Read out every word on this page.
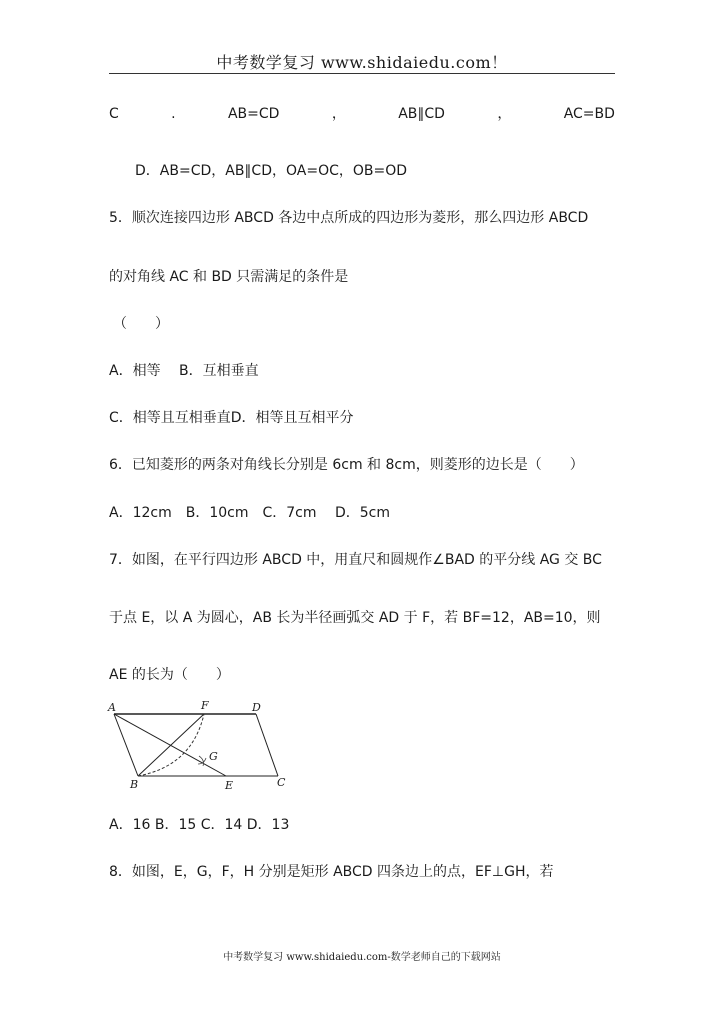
中考数学复习 www.shidaiedu.com！
C	.	AB=CD	，	AB∥CD	，	AC=BD
D．AB=CD，AB∥CD，OA=OC，OB=OD
5．顺次连接四边形 ABCD 各边中点所成的四边形为菱形，那么四边形 ABCD
的对角线 AC 和 BD 只需满足的条件是
（　　）
A．相等　 B．互相垂直
C．相等且互相垂直D．相等且互相平分
6．已知菱形的两条对角线长分别是 6cm 和 8cm，则菱形的边长是（　　）
A．12cm　B．10cm　C．7cm　 D．5cm
7．如图，在平行四边形 ABCD 中，用直尺和圆规作∠BAD 的平分线 AG 交 BC
于点 E，以 A 为圆心，AB 长为半径画弧交 AD 于 F，若 BF=12，AB=10，则
AE 的长为（　　）
A	F	D
G
B	E	C
A．16 B．15 C．14 D．13
8．如图，E，G，F，H 分别是矩形 ABCD 四条边上的点，EF⊥GH，若
中考数学复习 www.shidaiedu.com-数学老师自己的下载网站
